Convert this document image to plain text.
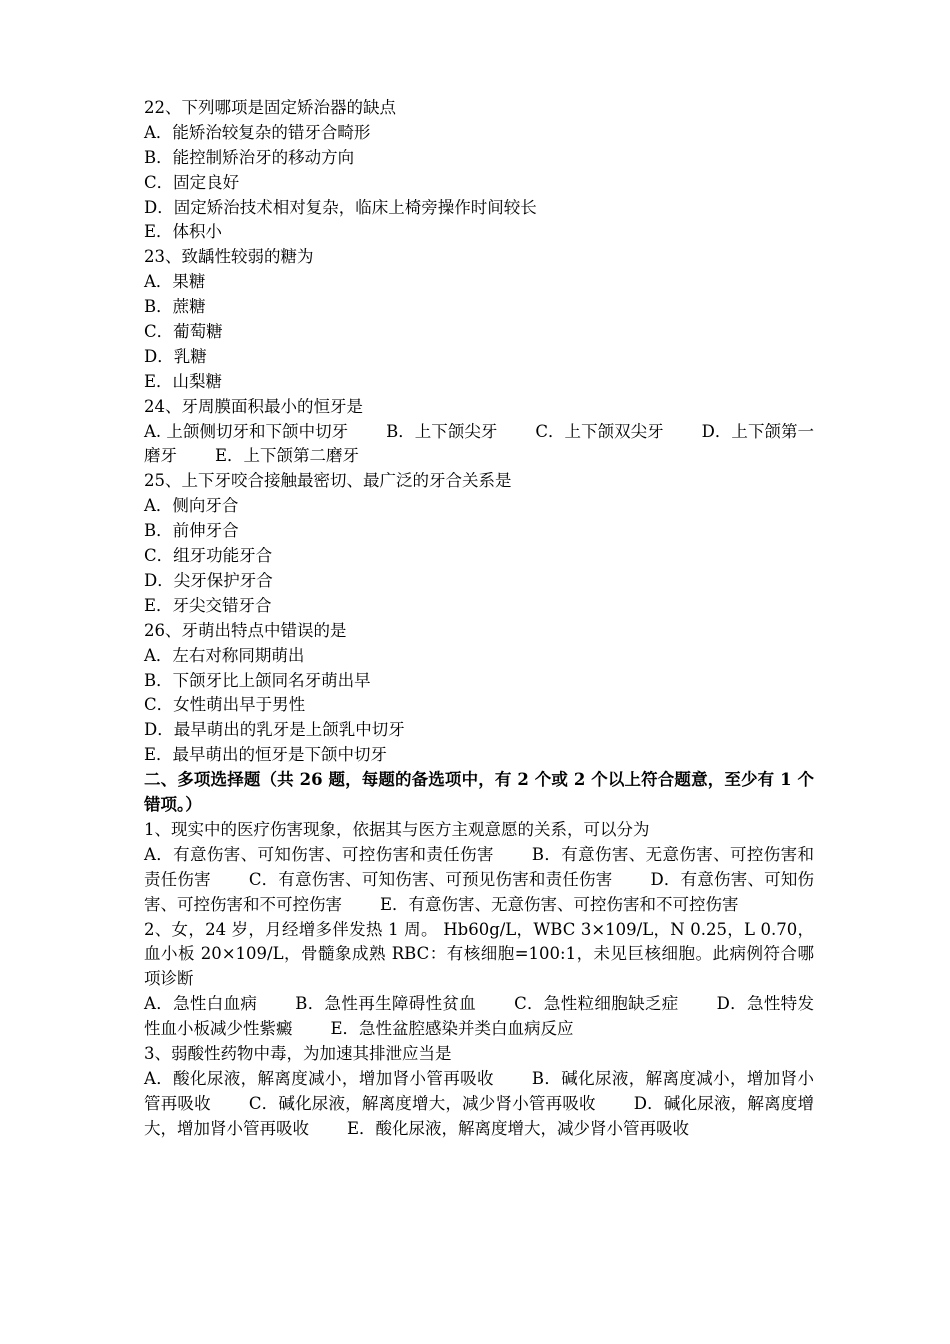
22、下列哪项是固定矫治器的缺点
A．能矫治较复杂的错牙合畸形
B．能控制矫治牙的移动方向
C．固定良好
D．固定矫治技术相对复杂，临床上椅旁操作时间较长
E．体积小
23、致龋性较弱的糖为
A．果糖
B．蔗糖
C．葡萄糖
D．乳糖
E．山梨糖
24、牙周膜面积最小的恒牙是
A. 上颌侧切牙和下颌中切牙 B．上下颌尖牙 C．上下颌双尖牙 D．上下颌第一磨牙 E．上下颌第二磨牙
25、上下牙咬合接触最密切、最广泛的牙合关系是
A．侧向牙合
B．前伸牙合
C．组牙功能牙合
D．尖牙保护牙合
E．牙尖交错牙合
26、牙萌出特点中错误的是
A．左右对称同期萌出
B．下颌牙比上颌同名牙萌出早
C．女性萌出早于男性
D．最早萌出的乳牙是上颌乳中切牙
E．最早萌出的恒牙是下颌中切牙
二、多项选择题（共 26 题，每题的备选项中，有 2 个或 2 个以上符合题意，至少有 1 个错项。）
1、现实中的医疗伤害现象，依据其与医方主观意愿的关系，可以分为
A．有意伤害、可知伤害、可控伤害和责任伤害 B．有意伤害、无意伤害、可控伤害和责任伤害 C．有意伤害、可知伤害、可预见伤害和责任伤害 D．有意伤害、可知伤害、可控伤害和不可控伤害 E．有意伤害、无意伤害、可控伤害和不可控伤害
2、女，24 岁，月经增多伴发热 1 周。 Hb60g/L，WBC 3×109/L，N 0.25，L 0.70，血小板 20×109/L，骨髓象成熟 RBC：有核细胞=100:1，未见巨核细胞。此病例符合哪项诊断
A．急性白血病 B．急性再生障碍性贫血 C．急性粒细胞缺乏症 D．急性特发性血小板减少性紫癜 E．急性盆腔感染并类白血病反应
3、弱酸性药物中毒，为加速其排泄应当是
A．酸化尿液，解离度减小，增加肾小管再吸收 B．碱化尿液，解离度减小，增加肾小管再吸收 C．碱化尿液，解离度增大，减少肾小管再吸收 D．碱化尿液，解离度增大，增加肾小管再吸收 E．酸化尿液，解离度增大，减少肾小管再吸收
